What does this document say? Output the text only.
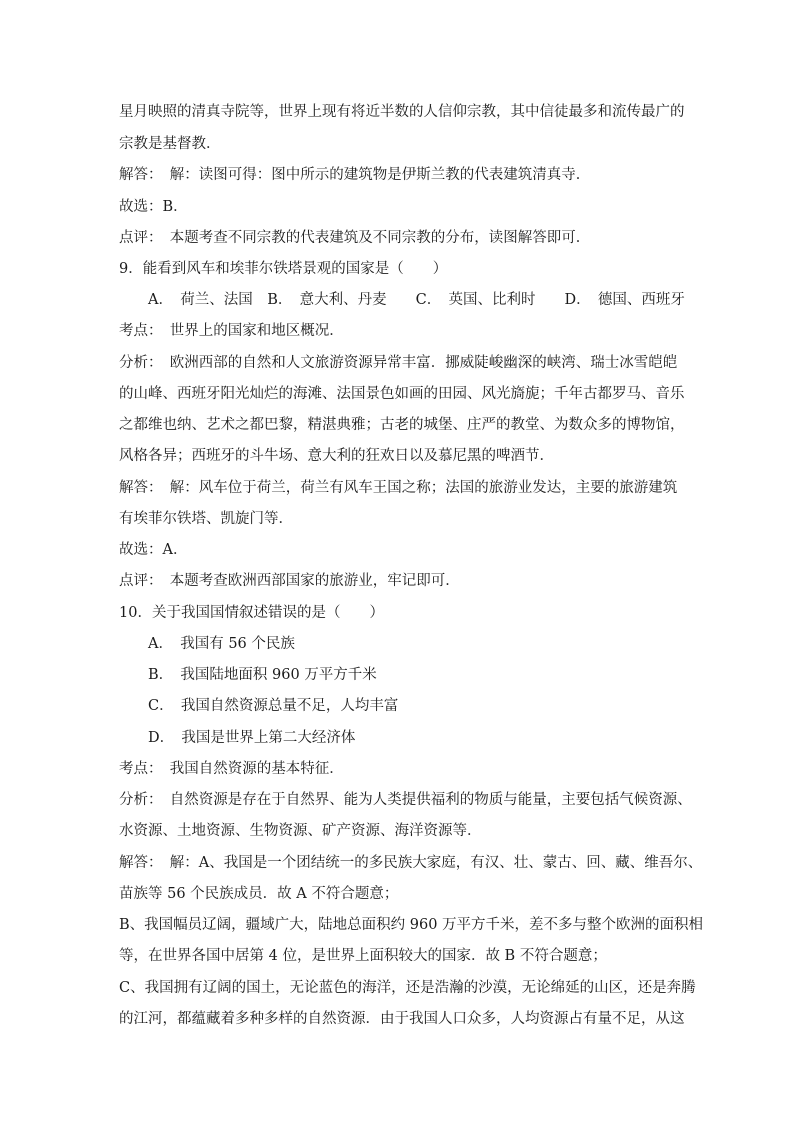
星月映照的清真寺院等，世界上现有将近半数的人信仰宗教，其中信徒最多和流传最广的
宗教是基督教．
解答：　解：读图可得：图中所示的建筑物是伊斯兰教的代表建筑清真寺．
故选：B．
点评：　本题考查不同宗教的代表建筑及不同宗教的分布，读图解答即可．
9．能看到风车和埃菲尔铁塔景观的国家是（　　）
A．　荷兰、法国　B．　意大利、丹麦　　C．　英国、比利时　　D．　德国、西班牙
考点：　世界上的国家和地区概况．
分析：　欧洲西部的自然和人文旅游资源异常丰富．挪威陡峻幽深的峡湾、瑞士冰雪皑皑
的山峰、西班牙阳光灿烂的海滩、法国景色如画的田园、风光旖旎；千年古都罗马、音乐
之都维也纳、艺术之都巴黎，精湛典雅；古老的城堡、庄严的教堂、为数众多的博物馆，
风格各异；西班牙的斗牛场、意大利的狂欢日以及慕尼黑的啤酒节．
解答：　解：风车位于荷兰，荷兰有风车王国之称；法国的旅游业发达，主要的旅游建筑
有埃菲尔铁塔、凯旋门等．
故选：A．
点评：　本题考查欧洲西部国家的旅游业，牢记即可．
10．关于我国国情叙述错误的是（　　）
A．　我国有 56 个民族
B．　我国陆地面积 960 万平方千米
C．　我国自然资源总量不足，人均丰富
D．　我国是世界上第二大经济体
考点：　我国自然资源的基本特征．
分析：　自然资源是存在于自然界、能为人类提供福利的物质与能量，主要包括气候资源、
水资源、土地资源、生物资源、矿产资源、海洋资源等．
解答：　解：A、我国是一个团结统一的多民族大家庭，有汉、壮、蒙古、回、藏、维吾尔、
苗族等 56 个民族成员．故 A 不符合题意；
B、我国幅员辽阔，疆域广大，陆地总面积约 960 万平方千米，差不多与整个欧洲的面积相
等，在世界各国中居第 4 位，是世界上面积较大的国家．故 B 不符合题意；
C、我国拥有辽阔的国土，无论蓝色的海洋，还是浩瀚的沙漠，无论绵延的山区，还是奔腾
的江河，都蕴藏着多种多样的自然资源．由于我国人口众多，人均资源占有量不足，从这
